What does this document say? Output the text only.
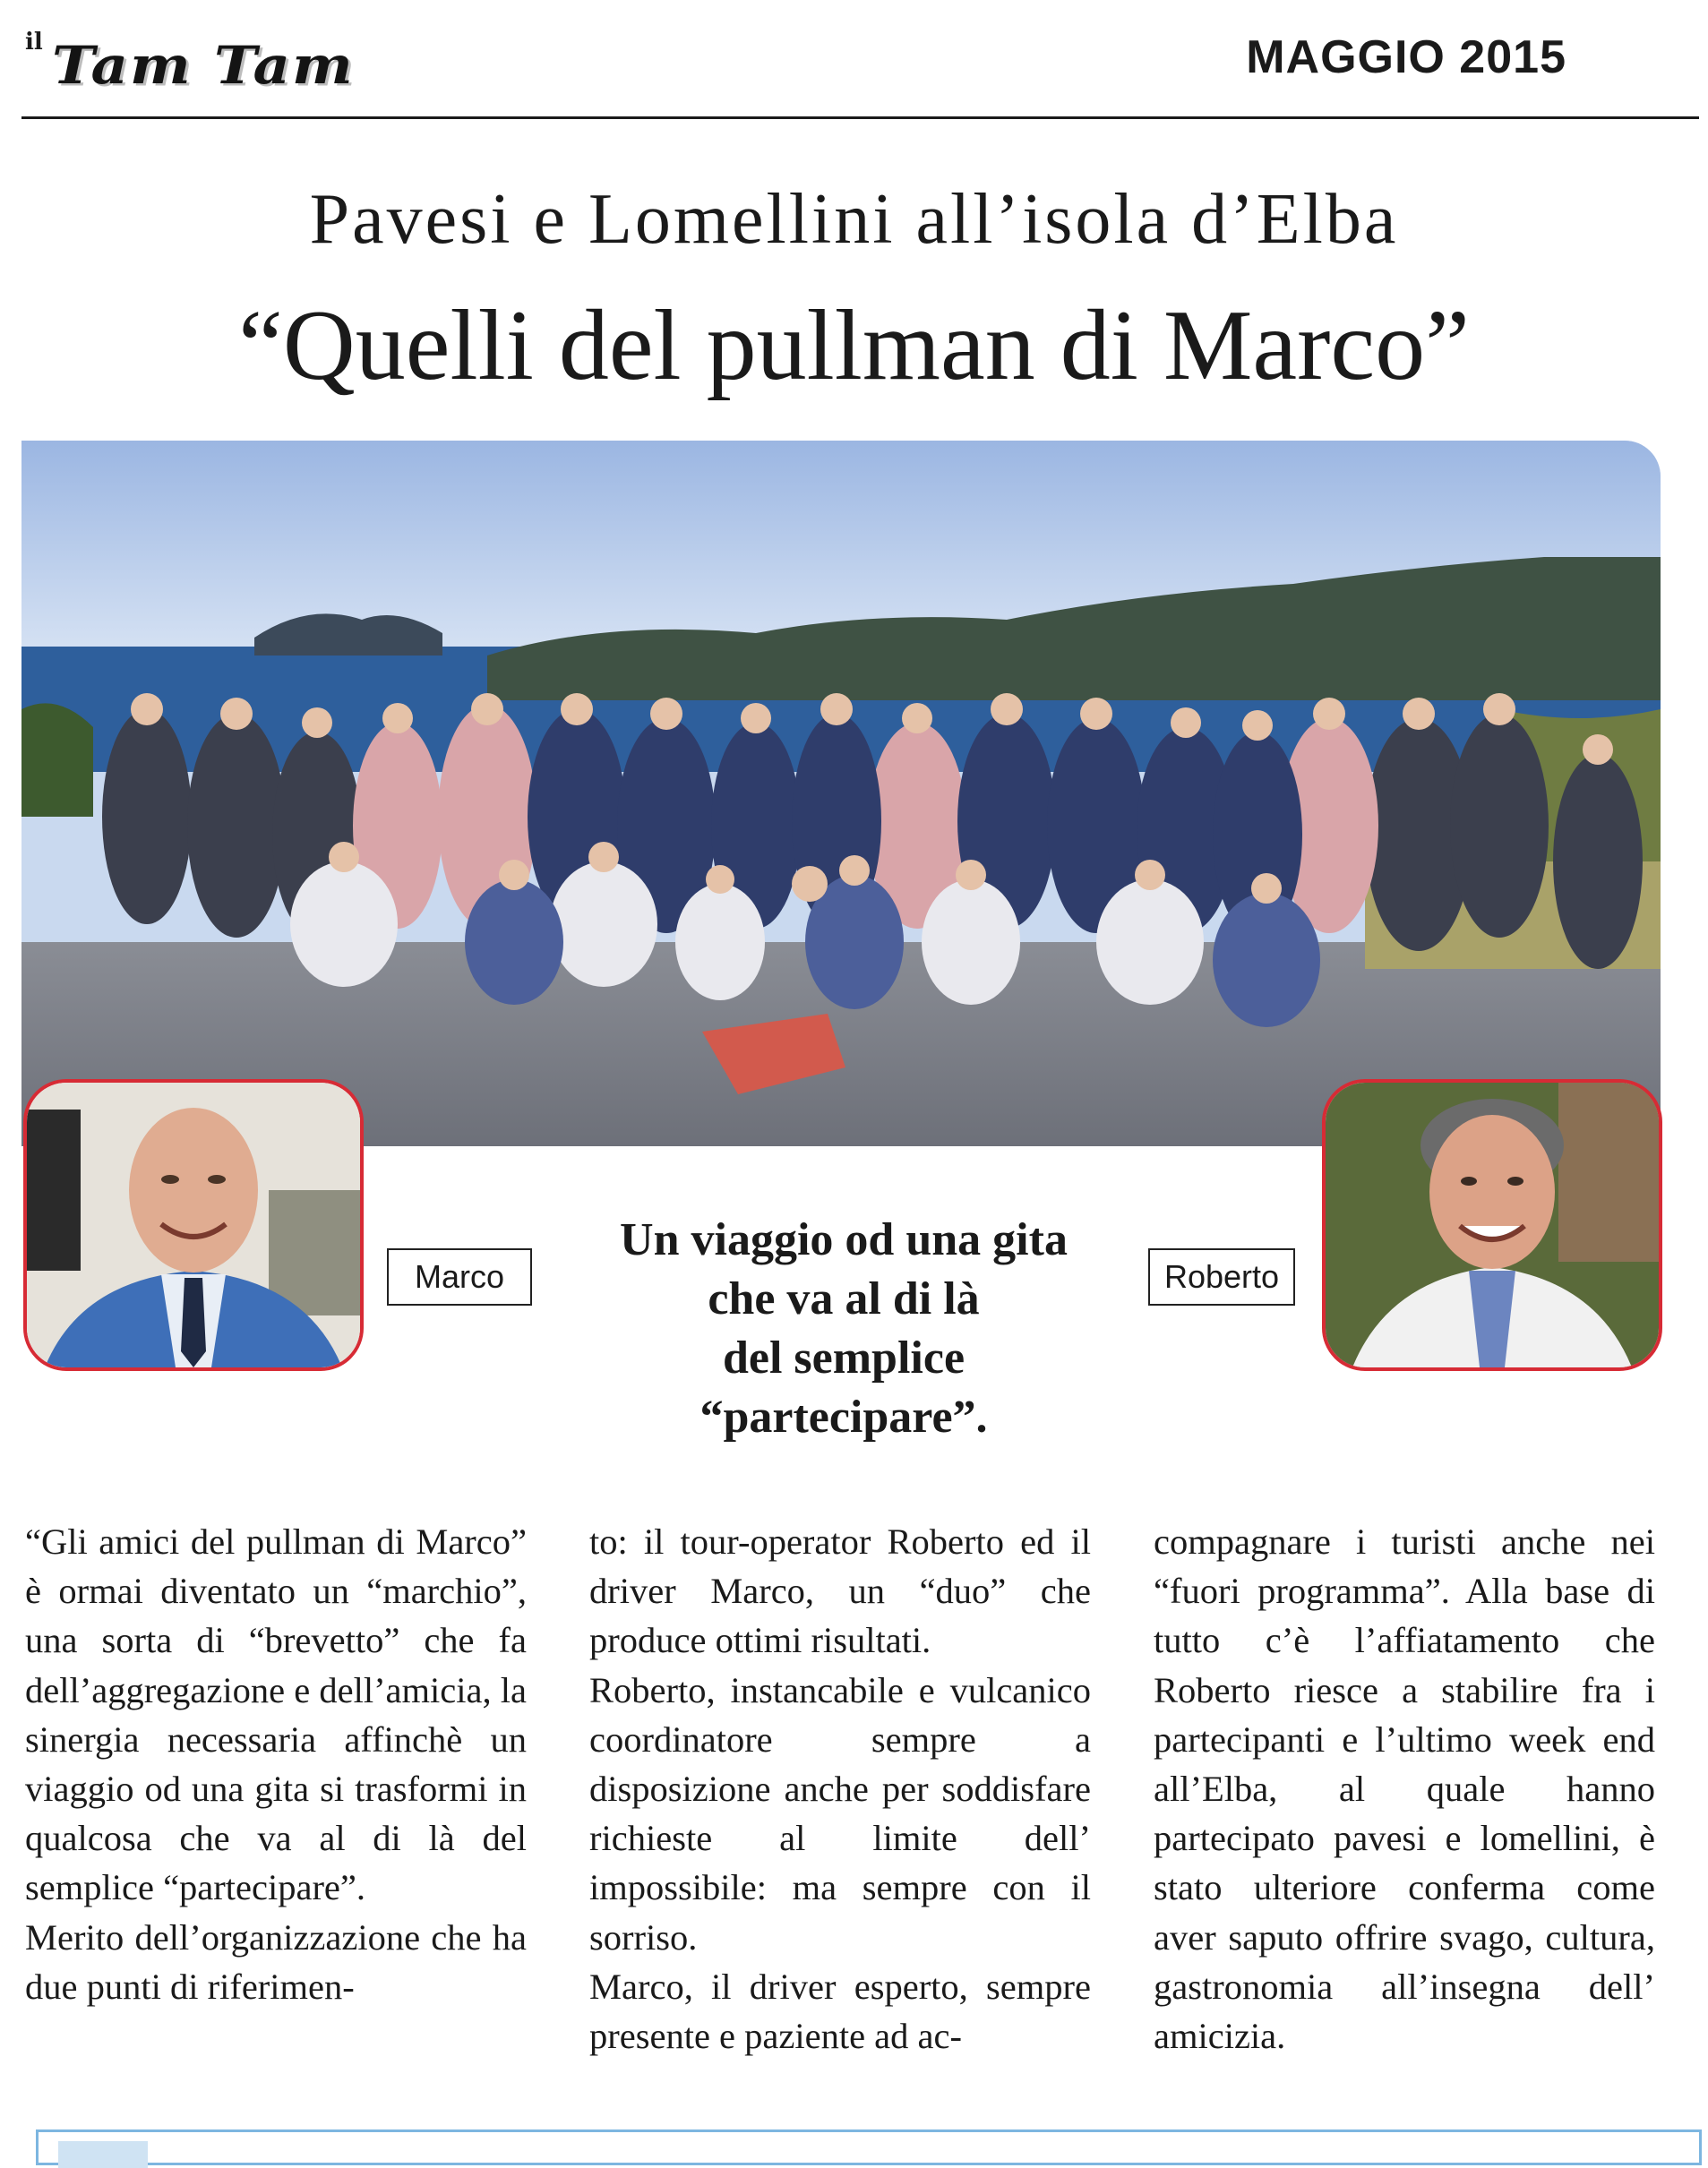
il Tam Tam	MAGGIO 2015
Pavesi e Lomellini all’isola d’Elba
“Quelli del pullman di Marco”
Marco	Roberto
Un viaggio od una gita
che va al di là
del semplice
“partecipare”.

“Gli amici del pullman di Marco” è ormai diventato un “marchio”, una sorta di “brevetto” che fa dell’aggregazione e dell’amicia, la sinergia necessaria affinchè un viaggio od una gita si trasformi in qualcosa che va al di là del semplice “partecipare”.

Merito dell’organizzazione che ha due punti di riferimen-

to: il tour-operator Roberto ed il driver Marco, un “duo” che produce ottimi risultati.

Roberto, instancabile e vulcanico coordinatore sempre a disposizione anche per soddisfare richieste al limite dell’ impossibile: ma sempre con il sorriso.

Marco, il driver esperto, sempre presente e paziente ad ac-

compagnare i turisti anche nei “fuori programma”. Alla base di tutto c’è l’affiatamento che Roberto riesce a stabilire fra i partecipanti e l’ultimo week end all’Elba, al quale hanno partecipato pavesi e lomellini, è stato ulteriore conferma come aver saputo offrire svago, cultura, gastronomia all’insegna dell’ amicizia.
